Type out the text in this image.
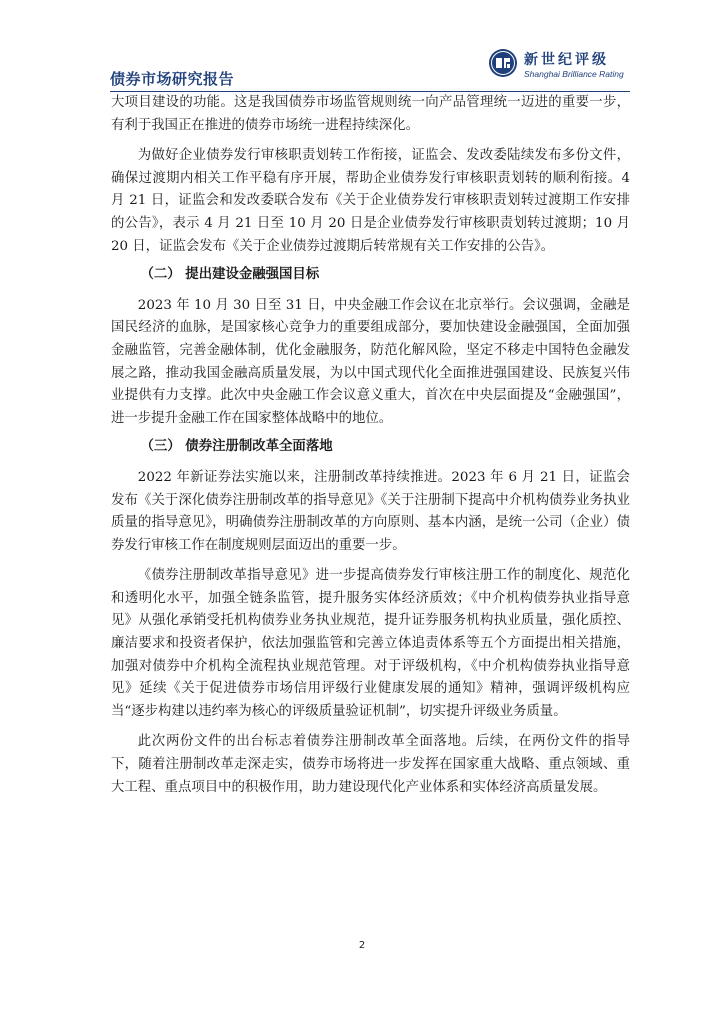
债券市场研究报告
新世纪评级
Shanghai Brilliance Rating

大项目建设的功能。这是我国债券市场监管规则统一向产品管理统一迈进的重要一步，有利于我国正在推进的债券市场统一进程持续深化。

为做好企业债券发行审核职责划转工作衔接，证监会、发改委陆续发布多份文件，确保过渡期内相关工作平稳有序开展，帮助企业债券发行审核职责划转的顺利衔接。4 月 21 日，证监会和发改委联合发布《关于企业债券发行审核职责划转过渡期工作安排的公告》，表示 4 月 21 日至 10 月 20 日是企业债券发行审核职责划转过渡期；10 月 20 日，证监会发布《关于企业债券过渡期后转常规有关工作安排的公告》。

（二） 提出建设金融强国目标

2023 年 10 月 30 日至 31 日，中央金融工作会议在北京举行。会议强调，金融是国民经济的血脉，是国家核心竞争力的重要组成部分，要加快建设金融强国，全面加强金融监管，完善金融体制，优化金融服务，防范化解风险，坚定不移走中国特色金融发展之路，推动我国金融高质量发展，为以中国式现代化全面推进强国建设、民族复兴伟业提供有力支撑。此次中央金融工作会议意义重大，首次在中央层面提及“金融强国”，进一步提升金融工作在国家整体战略中的地位。

（三） 债券注册制改革全面落地

2022 年新证券法实施以来，注册制改革持续推进。2023 年 6 月 21 日，证监会发布《关于深化债券注册制改革的指导意见》《关于注册制下提高中介机构债券业务执业质量的指导意见》，明确债券注册制改革的方向原则、基本内涵，是统一公司（企业）债券发行审核工作在制度规则层面迈出的重要一步。

《债券注册制改革指导意见》进一步提高债券发行审核注册工作的制度化、规范化和透明化水平，加强全链条监管，提升服务实体经济质效；《中介机构债券执业指导意见》从强化承销受托机构债券业务执业规范，提升证券服务机构执业质量，强化质控、廉洁要求和投资者保护，依法加强监管和完善立体追责体系等五个方面提出相关措施，加强对债券中介机构全流程执业规范管理。对于评级机构，《中介机构债券执业指导意见》延续《关于促进债券市场信用评级行业健康发展的通知》精神，强调评级机构应当“逐步构建以违约率为核心的评级质量验证机制”，切实提升评级业务质量。

此次两份文件的出台标志着债券注册制改革全面落地。后续，在两份文件的指导下，随着注册制改革走深走实，债券市场将进一步发挥在国家重大战略、重点领域、重大工程、重点项目中的积极作用，助力建设现代化产业体系和实体经济高质量发展。

2
